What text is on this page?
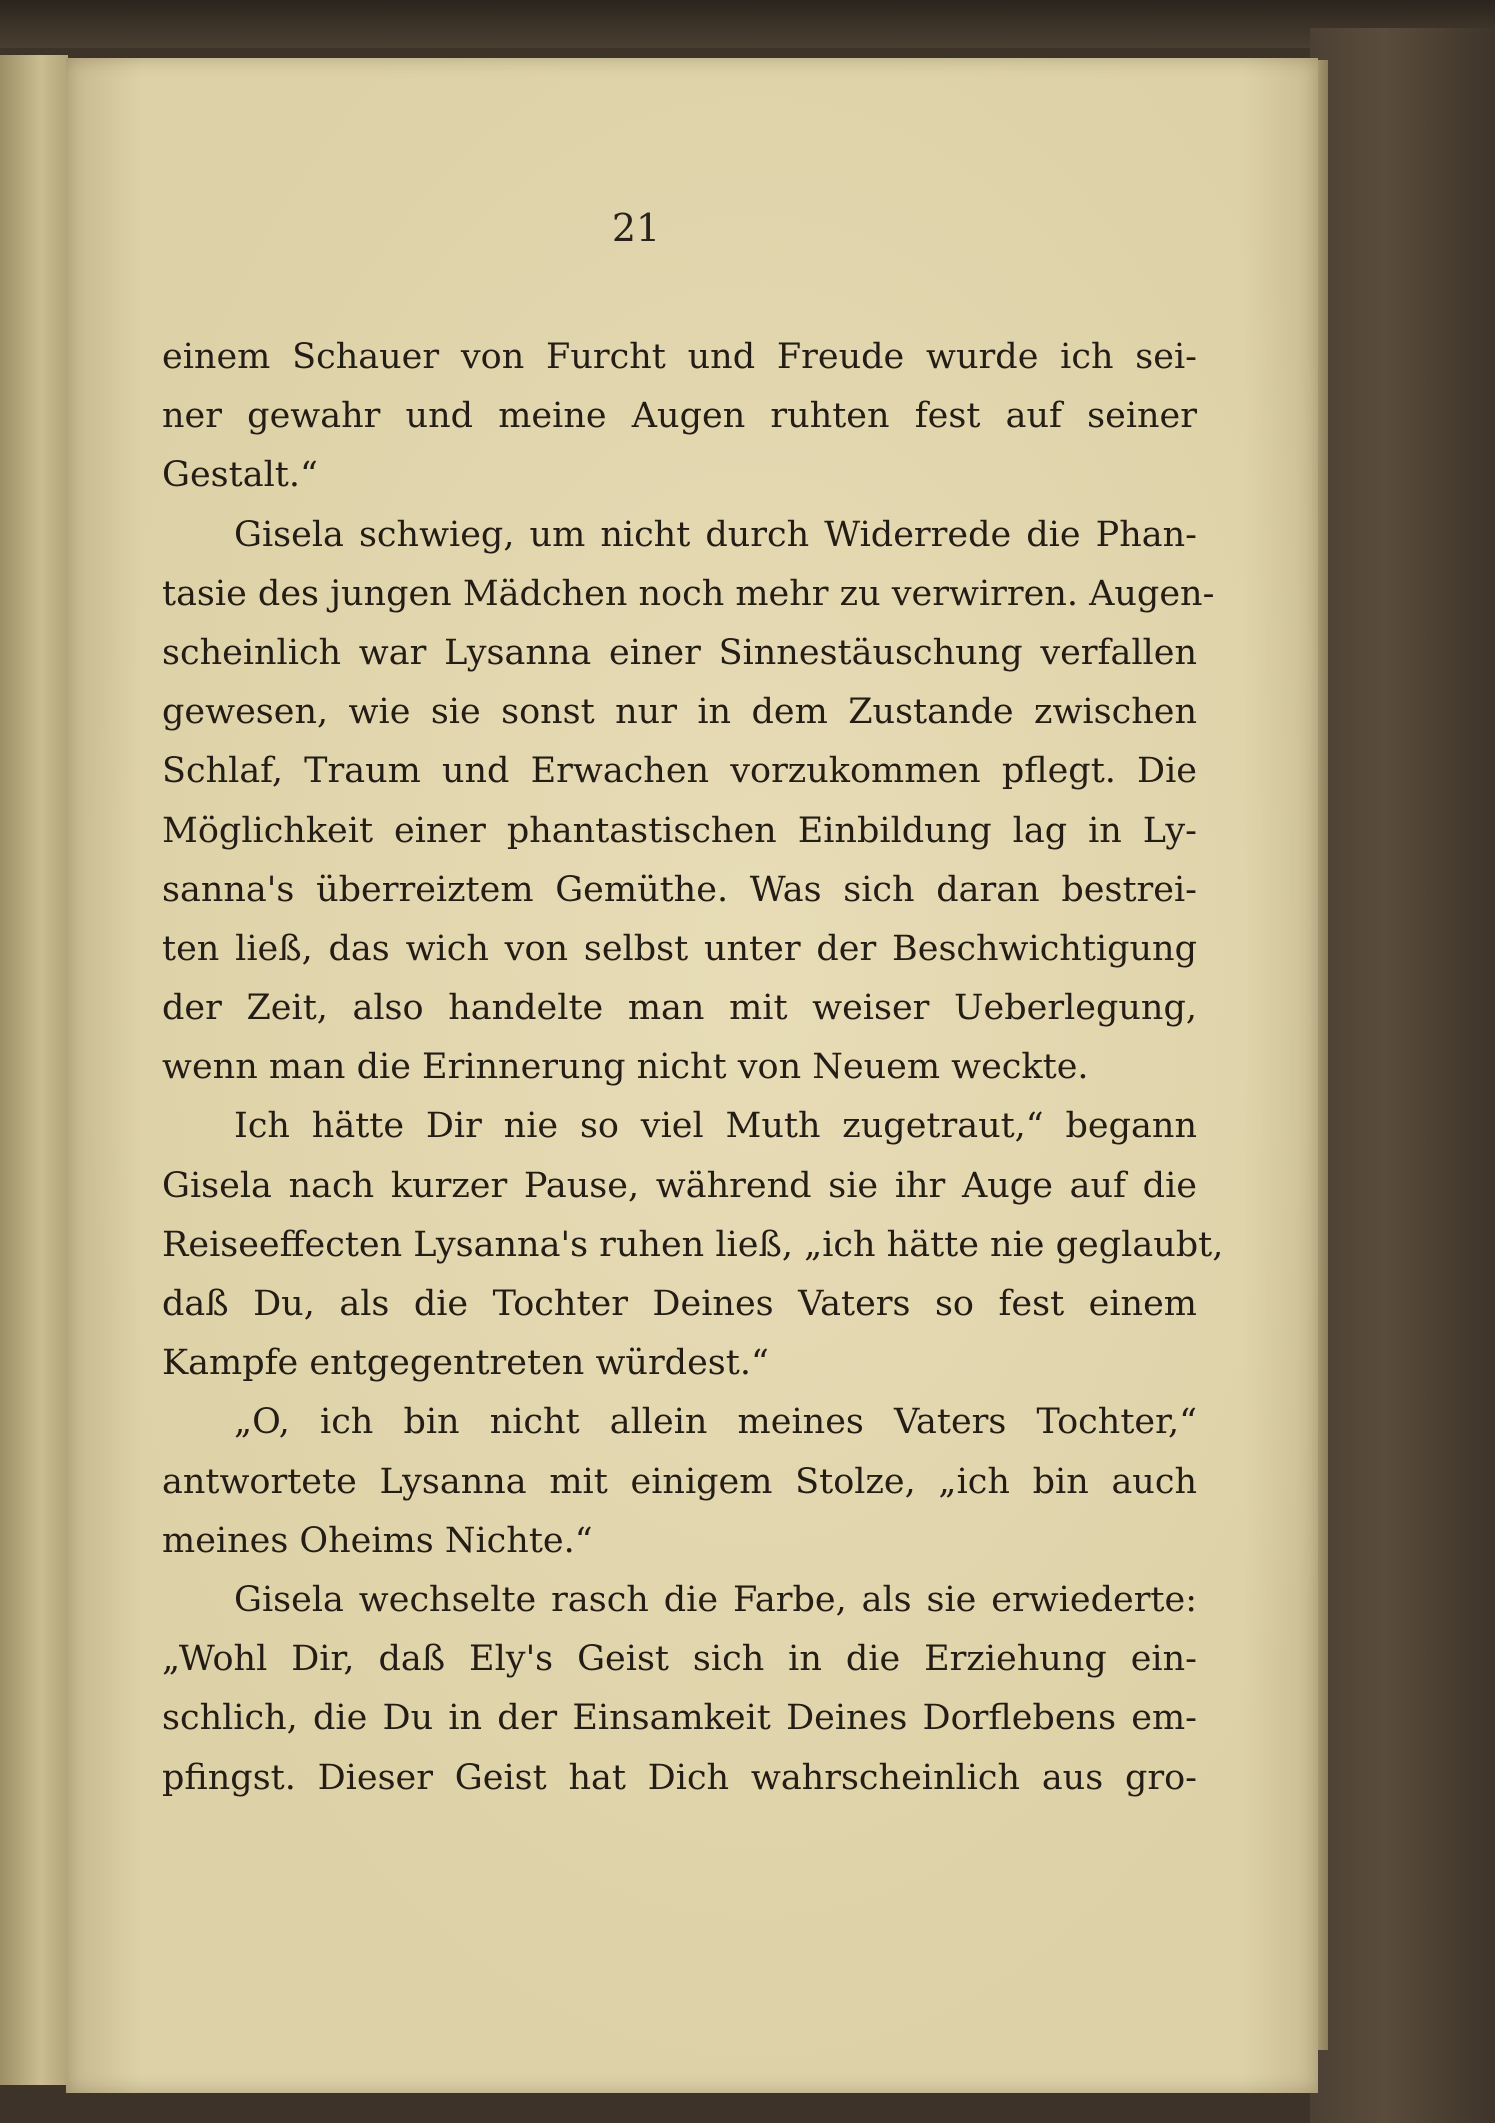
21
einem Schauer von Furcht und Freude wurde ich sei-
ner gewahr und meine Augen ruhten fest auf seiner
Gestalt.“
Gisela schwieg, um nicht durch Widerrede die Phan-
tasie des jungen Mädchen noch mehr zu verwirren. Augen-
scheinlich war Lysanna einer Sinnestäuschung verfallen
gewesen, wie sie sonst nur in dem Zustande zwischen
Schlaf, Traum und Erwachen vorzukommen pflegt. Die
Möglichkeit einer phantastischen Einbildung lag in Ly-
sanna's überreiztem Gemüthe. Was sich daran bestrei-
ten ließ, das wich von selbst unter der Beschwichtigung
der Zeit, also handelte man mit weiser Ueberlegung,
wenn man die Erinnerung nicht von Neuem weckte.
Ich hätte Dir nie so viel Muth zugetraut,“ begann
Gisela nach kurzer Pause, während sie ihr Auge auf die
Reiseeffecten Lysanna's ruhen ließ, „ich hätte nie geglaubt,
daß Du, als die Tochter Deines Vaters so fest einem
Kampfe entgegentreten würdest.“
„O, ich bin nicht allein meines Vaters Tochter,“
antwortete Lysanna mit einigem Stolze, „ich bin auch
meines Oheims Nichte.“
Gisela wechselte rasch die Farbe, als sie erwiederte:
„Wohl Dir, daß Ely's Geist sich in die Erziehung ein-
schlich, die Du in der Einsamkeit Deines Dorflebens em-
pfingst. Dieser Geist hat Dich wahrscheinlich aus gro-
